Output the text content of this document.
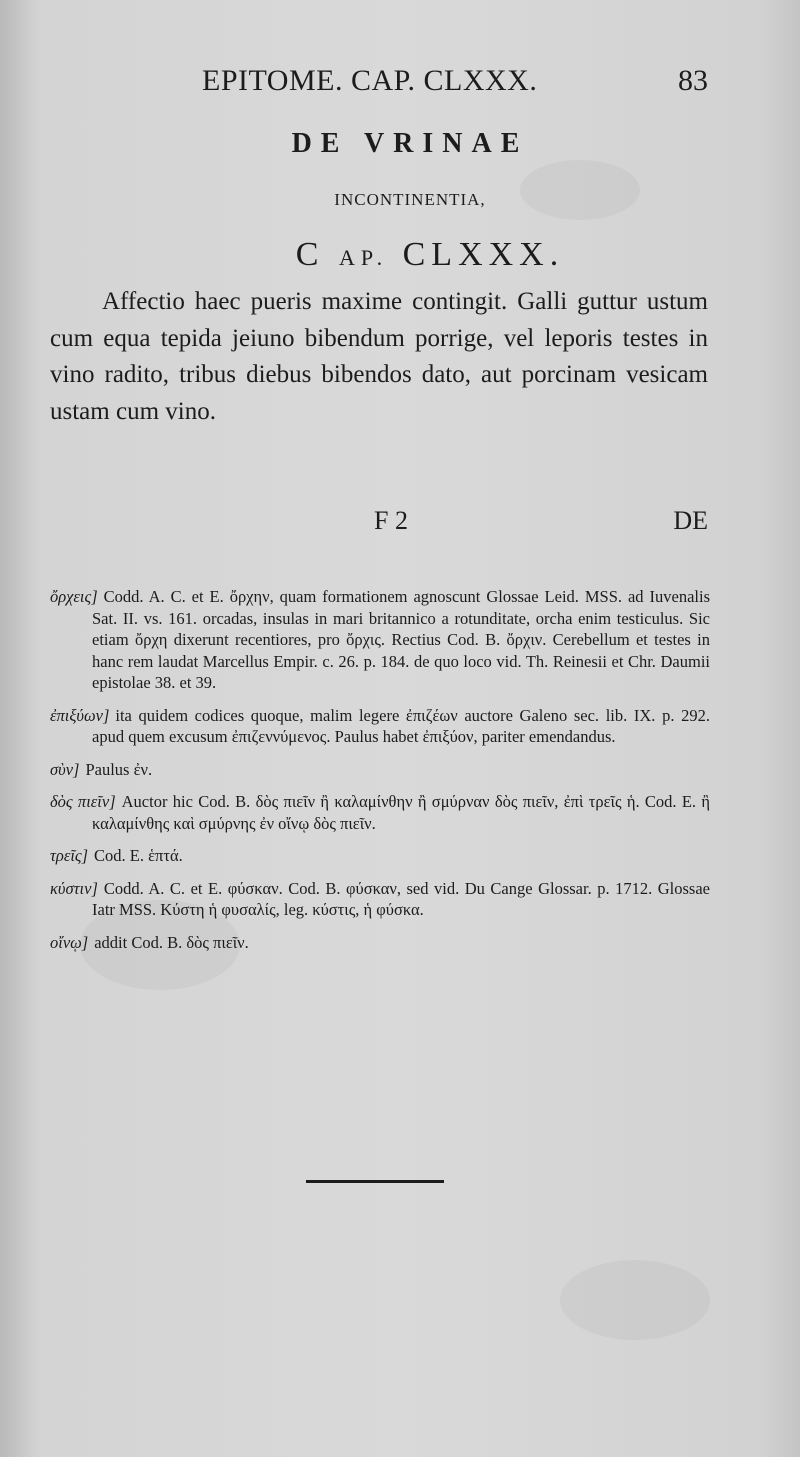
EPITOME. CAP. CLXXX.	83
DE VRINAE
INCONTINENTIA,
C AP. CLXXX.
Affectio haec pueris maxime contingit. Galli guttur ustum cum equa tepida jeiuno bibendum porrige, vel leporis testes in vino radito, tribus diebus bibendos dato, aut porcinam vesicam ustam cum vino.
F 2	DE

ὄρχεις] Codd. A. C. et E. ὄρχην, quam formationem agnoscunt Glossae Leid. MSS. ad Iuvenalis Sat. II. vs. 161. orcadas, insulas in mari britannico a rotunditate, orcha enim testiculus. Sic etiam ὄρχη dixerunt recentiores, pro ὄρχις. Rectius Cod. B. ὄρχιν. Cerebellum et testes in hanc rem laudat Marcellus Empir. c. 26. p. 184. de quo loco vid. Th. Reinesii et Chr. Daumii epistolae 38. et 39.

ἐπιξύων] ita quidem codices quoque, malim legere ἐπιζέων auctore Galeno sec. lib. IX. p. 292. apud quem excusum ἐπιζεννύμενος. Paulus habet ἐπιξύον, pariter emendandus.

σὺν] Paulus ἐν.

δὸς πιεῖν] Auctor hic Cod. B. δὸς πιεῖν ἢ καλαμίνθην ἢ σμύρναν δὸς πιεῖν, ἐπὶ τρεῖς ἡ. Cod. E. ἢ καλαμίνθης καὶ σμύρνης ἐν οἴνῳ δὸς πιεῖν.

τρεῖς] Cod. E. ἑπτά.

κύστιν] Codd. A. C. et E. φύσκαν. Cod. B. φύσκαν, sed vid. Du Cange Glossar. p. 1712. Glossae Iatr MSS. Κύστη ἡ φυσαλίς, leg. κύστις, ἡ φύσκα.

οἴνῳ] addit Cod. B. δὸς πιεῖν.
